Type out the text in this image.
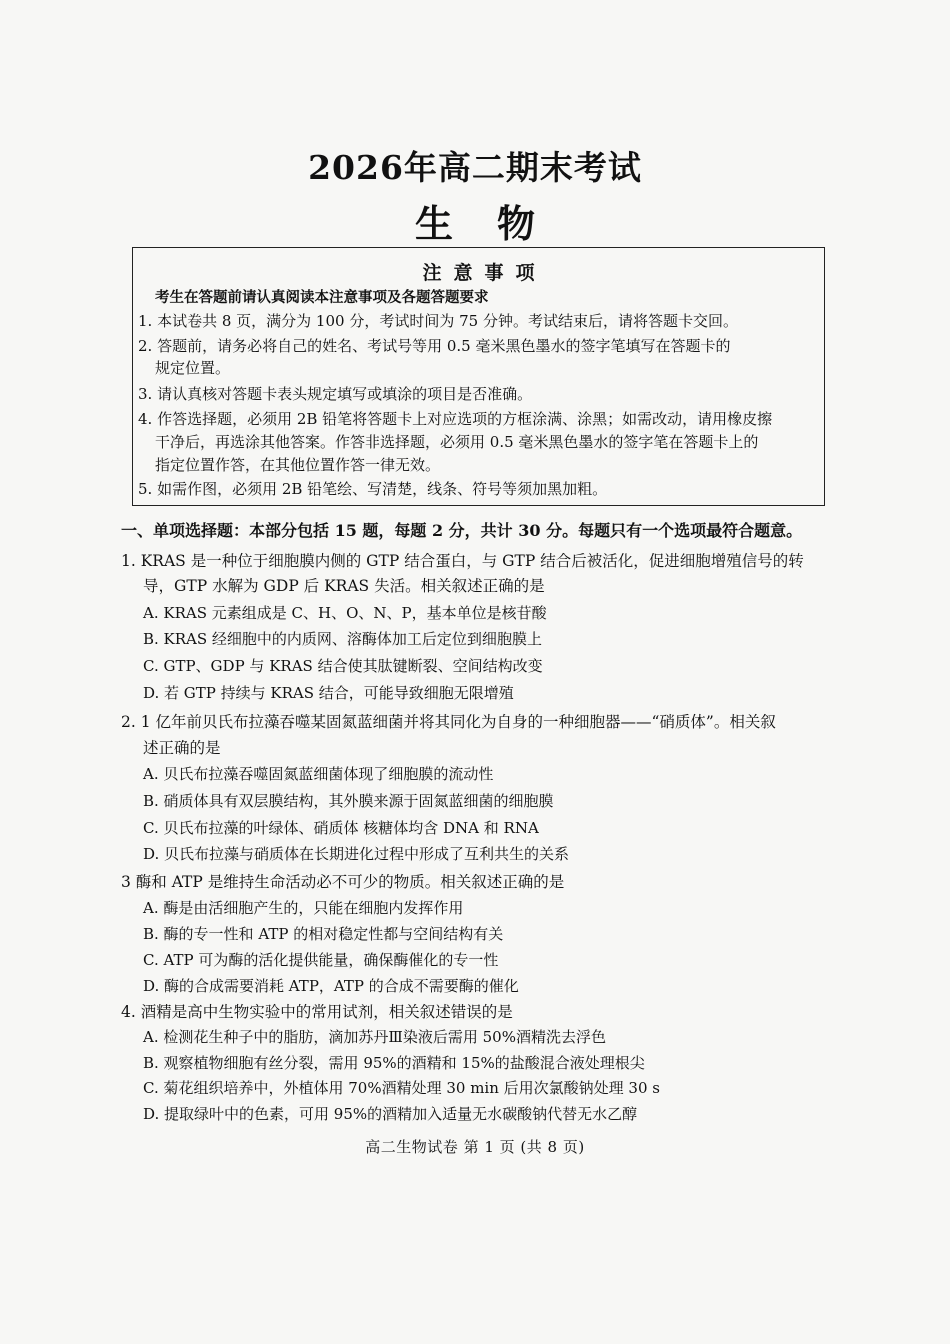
2026年高二期末考试
生物
注意事项
考生在答题前请认真阅读本注意事项及各题答题要求
1. 本试卷共 8 页，满分为 100 分，考试时间为 75 分钟。考试结束后，请将答题卡交回。
2. 答题前，请务必将自己的姓名、考试号等用 0.5 毫米黑色墨水的签字笔填写在答题卡的
规定位置。
3. 请认真核对答题卡表头规定填写或填涂的项目是否准确。
4. 作答选择题，必须用 2B 铅笔将答题卡上对应选项的方框涂满、涂黑；如需改动，请用橡皮擦
干净后，再选涂其他答案。作答非选择题，必须用 0.5 毫米黑色墨水的签字笔在答题卡上的
指定位置作答，在其他位置作答一律无效。
5. 如需作图，必须用 2B 铅笔绘、写清楚，线条、符号等须加黑加粗。
一、单项选择题：本部分包括 15 题，每题 2 分，共计 30 分。每题只有一个选项最符合题意。
1. KRAS 是一种位于细胞膜内侧的 GTP 结合蛋白，与 GTP 结合后被活化，促进细胞增殖信号的转
导，GTP 水解为 GDP 后 KRAS 失活。相关叙述正确的是
A. KRAS 元素组成是 C、H、O、N、P，基本单位是核苷酸
B. KRAS 经细胞中的内质网、溶酶体加工后定位到细胞膜上
C. GTP、GDP 与 KRAS 结合使其肽键断裂、空间结构改变
D. 若 GTP 持续与 KRAS 结合，可能导致细胞无限增殖
2. 1 亿年前贝氏布拉藻吞噬某固氮蓝细菌并将其同化为自身的一种细胞器——“硝质体”。相关叙
述正确的是
A. 贝氏布拉藻吞噬固氮蓝细菌体现了细胞膜的流动性
B. 硝质体具有双层膜结构，其外膜来源于固氮蓝细菌的细胞膜
C. 贝氏布拉藻的叶绿体、硝质体 核糖体均含 DNA 和 RNA
D. 贝氏布拉藻与硝质体在长期进化过程中形成了互利共生的关系
3 酶和 ATP 是维持生命活动必不可少的物质。相关叙述正确的是
A. 酶是由活细胞产生的，只能在细胞内发挥作用
B. 酶的专一性和 ATP 的相对稳定性都与空间结构有关
C. ATP 可为酶的活化提供能量，确保酶催化的专一性
D. 酶的合成需要消耗 ATP，ATP 的合成不需要酶的催化
4. 酒精是高中生物实验中的常用试剂，相关叙述错误的是
A. 检测花生种子中的脂肪，滴加苏丹Ⅲ染液后需用 50%酒精洗去浮色
B. 观察植物细胞有丝分裂，需用 95%的酒精和 15%的盐酸混合液处理根尖
C. 菊花组织培养中，外植体用 70%酒精处理 30 min 后用次氯酸钠处理 30 s
D. 提取绿叶中的色素，可用 95%的酒精加入适量无水碳酸钠代替无水乙醇
高二生物试卷 第 1 页 (共 8 页)
